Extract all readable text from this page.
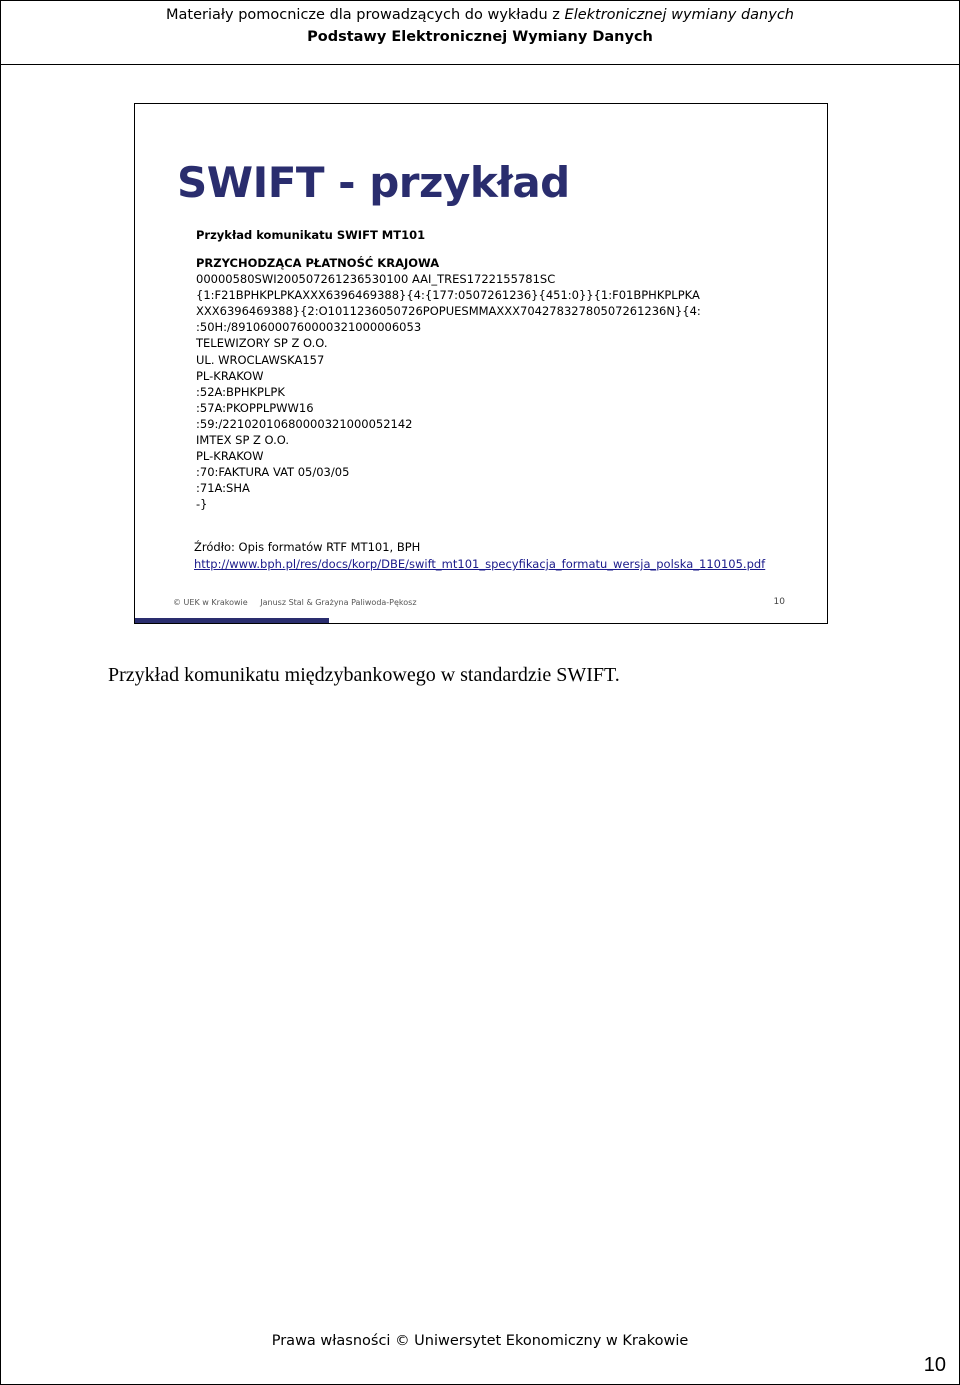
Materiały pomocnicze dla prowadzących do wykładu z Elektronicznej wymiany danych
Podstawy Elektronicznej Wymiany Danych
SWIFT - przykład
Przykład komunikatu SWIFT MT101
PRZYCHODZĄCA PŁATNOŚĆ KRAJOWA
00000580SWI200507261236530100 AAI_TRES1722155781SC
{1:F21BPHKPLPKAXXX6396469388}{4:{177:0507261236}{451:0}}{1:F01BPHKPLPKA
XXX6396469388}{2:O1011236050726POPUESMMAXXX70427832780507261236N}{4:
:50H:/89106000760000321000006053
TELEWIZORY SP Z O.O.
UL. WROCLAWSKA157
PL-KRAKOW
:52A:BPHKPLPK
:57A:PKOPPLPWW16
:59:/22102010680000321000052142
IMTEX SP Z O.O.
PL-KRAKOW
:70:FAKTURA VAT 05/03/05
:71A:SHA
-}
Źródło: Opis formatów RTF MT101, BPH
http://www.bph.pl/res/docs/korp/DBE/swift_mt101_specyfikacja_formatu_wersja_polska_110105.pdf
© UEK w Krakowie Janusz Stal & Grażyna Paliwoda-Pękosz	10
Przykład komunikatu międzybankowego w standardzie SWIFT.
Prawa własności © Uniwersytet Ekonomiczny w Krakowie
10
